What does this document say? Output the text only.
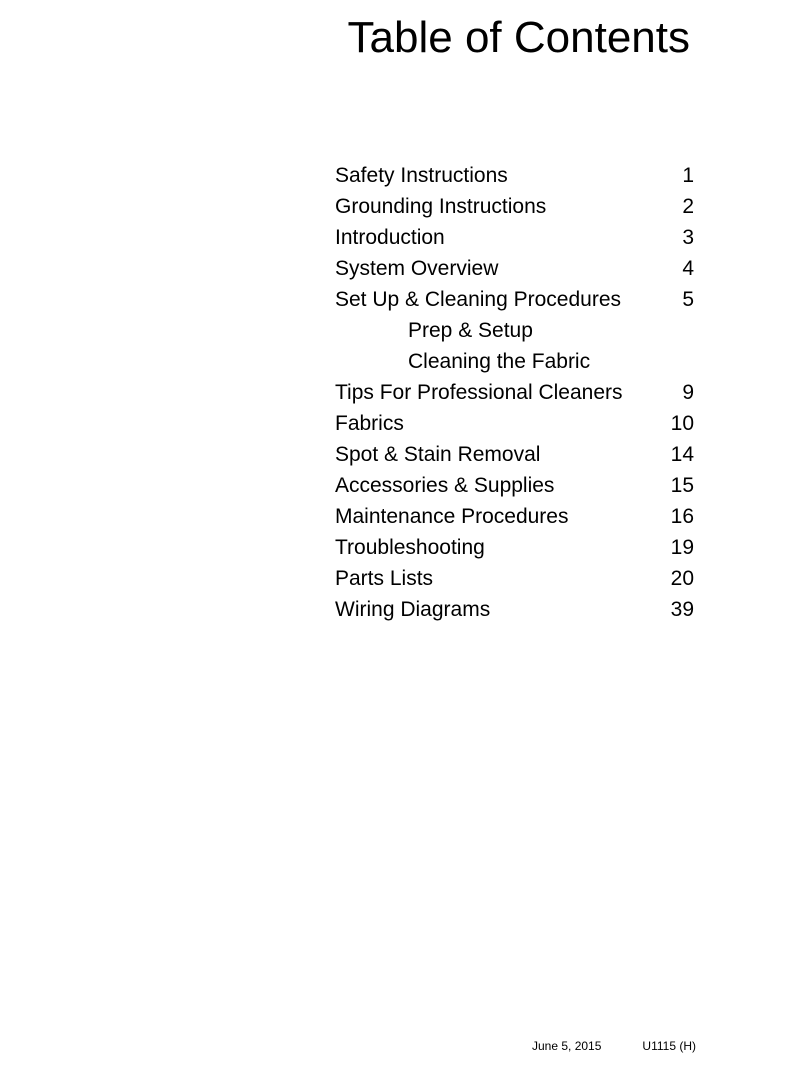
Table of Contents
Safety Instructions	1
Grounding Instructions	2
Introduction	3
System Overview	4
Set Up & Cleaning Procedures	5
Prep & Setup
Cleaning the Fabric
Tips For Professional Cleaners	9
Fabrics	10
Spot & Stain Removal	14
Accessories & Supplies	15
Maintenance Procedures	16
Troubleshooting	19
Parts Lists	20
Wiring Diagrams	39
June 5, 2015	U1115 (H)
